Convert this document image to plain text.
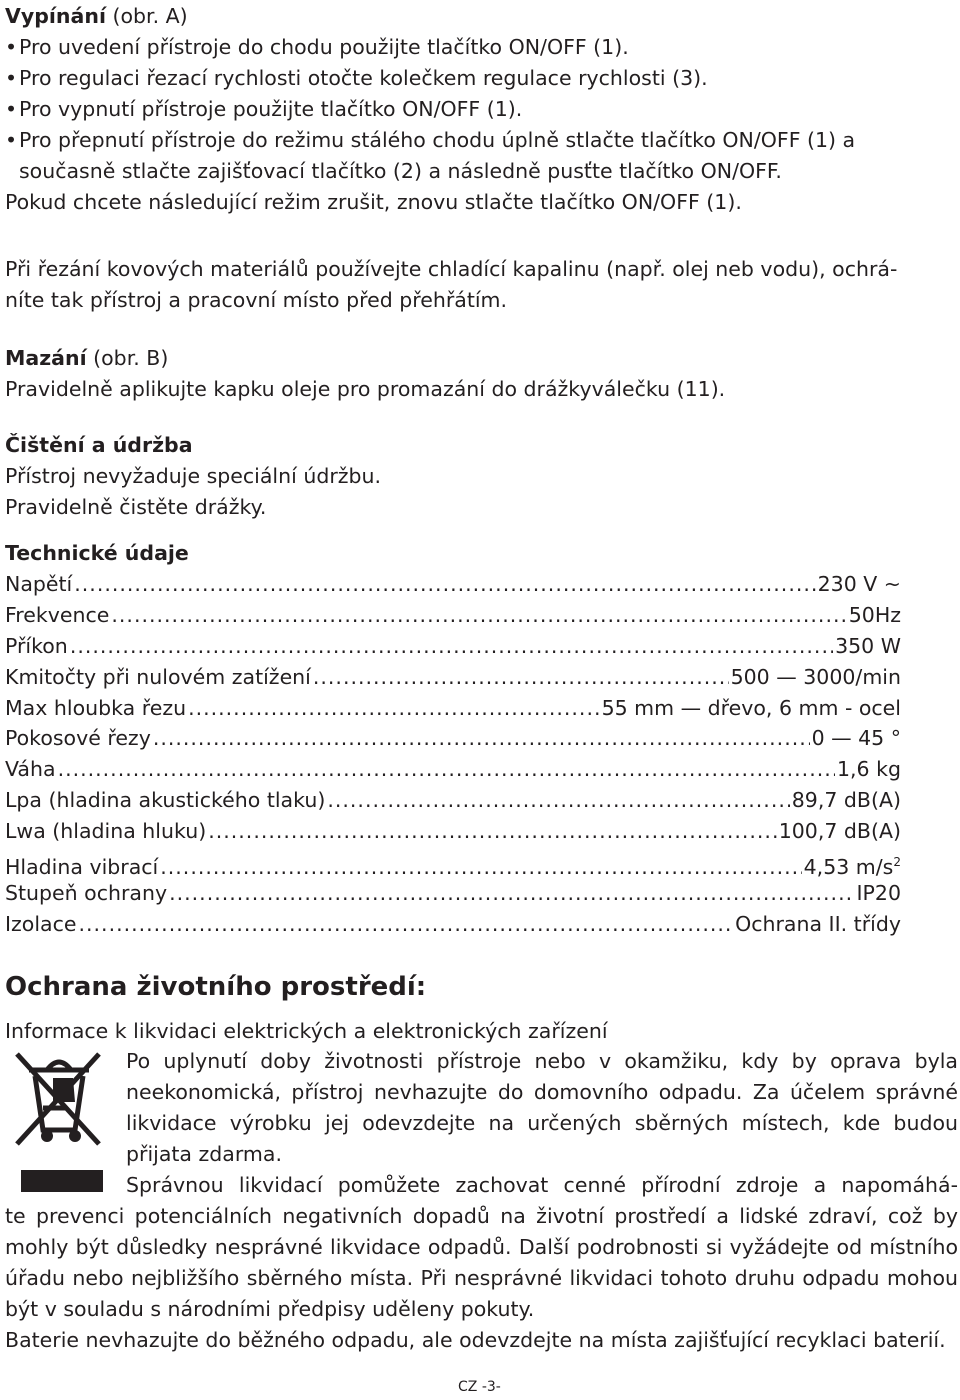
Vypínání (obr. A)

• Pro uvedení přístroje do chodu použijte tlačítko ON/OFF (1).

• Pro regulaci řezací rychlosti otočte kolečkem regulace rychlosti (3).

• Pro vypnutí přístroje použijte tlačítko ON/OFF (1).

• Pro přepnutí přístroje do režimu stálého chodu úplně stlačte tlačítko ON/OFF (1) a současně stlačte zajišťovací tlačítko (2) a následně pusťte tlačítko ON/OFF.

Pokud chcete následující režim zrušit, znovu stlačte tlačítko ON/OFF (1).

Při řezání kovových materiálů používejte chladící kapalinu (např. olej neb vodu), ochrá-

níte tak přístroj a pracovní místo před přehřátím.

Mazání (obr. B)

Pravidelně aplikujte kapku oleje pro promazání do drážkyválečku (11).

Čištění a údržba

Přístroj nevyžaduje speciální údržbu.

Pravidelně čistěte drážky.

Technické údaje

Napětí .....	230 V ~
Frekvence .....	50Hz
Příkon .....	350 W
Kmitočty při nulovém zatížení .....	500 — 3000/min
Max hloubka řezu .....	55 mm — dřevo, 6 mm - ocel
Pokosové řezy .....	0 — 45 °
Váha .....	1,6 kg
Lpa (hladina akustického tlaku) .....	89,7 dB(A)
Lwa (hladina hluku) .....	100,7 dB(A)
Hladina vibrací .....	4,53 $m/s^2$
Stupeň ochrany .....	IP20
Izolace .....	Ochrana II. třídy
Ochrana životního prostředí:
Informace k likvidaci elektrických a elektronických zařízení

Po uplynutí doby životnosti přístroje nebo v okamžiku, kdy by oprava byla neekonomická, přístroj nevhazujte do domovního odpadu. Za účelem správné likvidace výrobku jej odevzdejte na určených sběrných místech, kde budou přijata zdarma.

Správnou likvidací pomůžete zachovat cenné přírodní zdroje a napomáhá-

te prevenci potenciálních negativních dopadů na životní prostředí a lidské zdraví, což by mohly být důsledky nesprávné likvidace odpadů. Další podrobnosti si vyžádejte od místního úřadu nebo nejbližšího sběrného místa. Při nesprávné likvidaci tohoto druhu odpadu mohou být v souladu s národními předpisy uděleny pokuty.

Baterie nevhazujte do běžného odpadu, ale odevzdejte na místa zajišťující recyklaci baterií.

CZ -3-
